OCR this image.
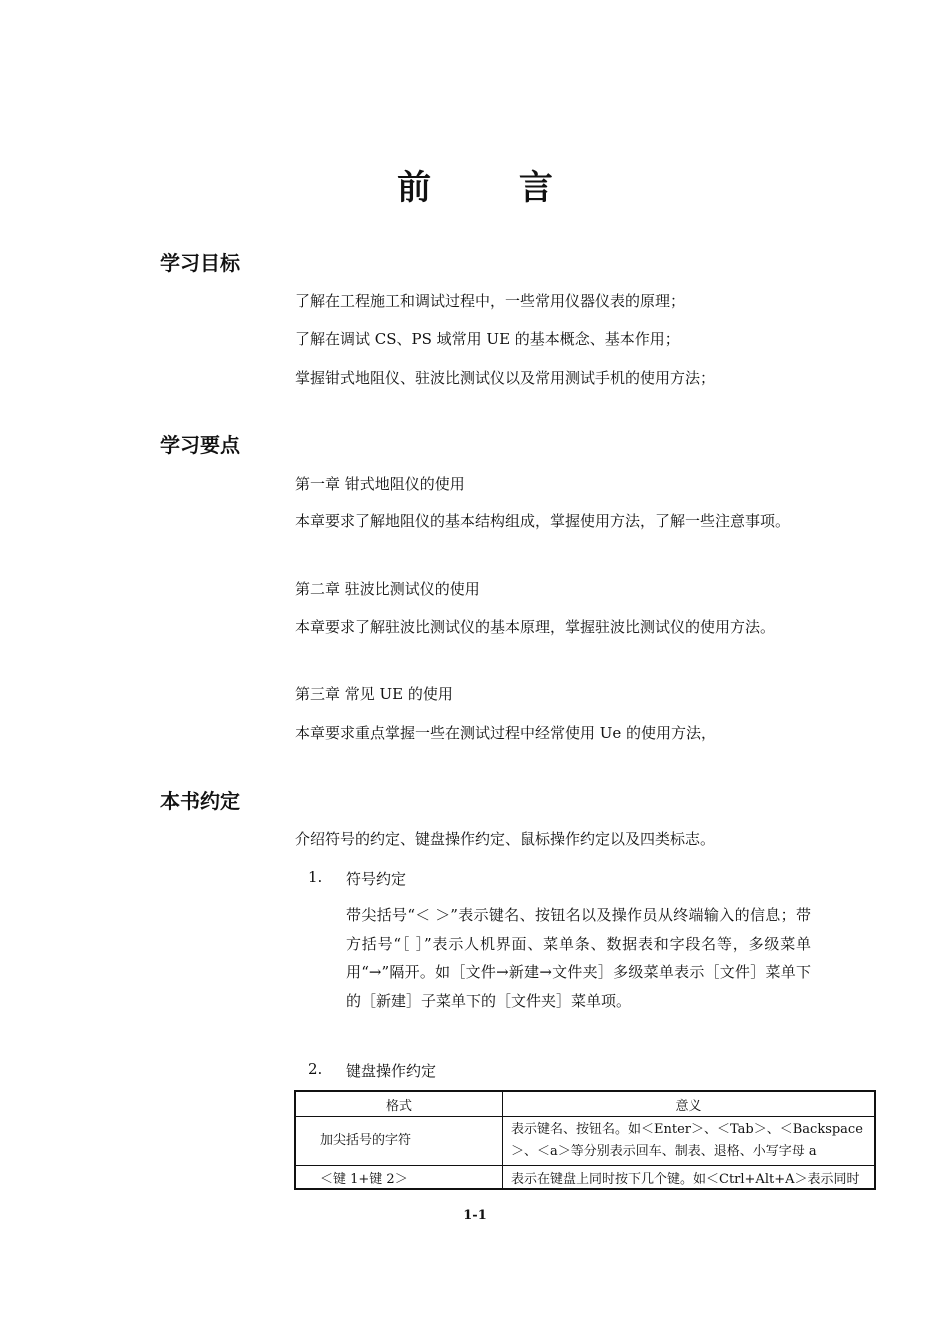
前 言
学习目标
了解在工程施工和调试过程中，一些常用仪器仪表的原理；
了解在调试 CS、PS 域常用 UE 的基本概念、基本作用；
掌握钳式地阻仪、驻波比测试仪以及常用测试手机的使用方法；
学习要点
第一章 钳式地阻仪的使用
本章要求了解地阻仪的基本结构组成，掌握使用方法，了解一些注意事项。
第二章 驻波比测试仪的使用
本章要求了解驻波比测试仪的基本原理，掌握驻波比测试仪的使用方法。
第三章 常见 UE 的使用
本章要求重点掌握一些在测试过程中经常使用 Ue 的使用方法，
本书约定
介绍符号的约定、键盘操作约定、鼠标操作约定以及四类标志。
1. 符号约定
带尖括号“＜ ＞”表示键名、按钮名以及操作员从终端输入的信息；带方括号“［ ］”表示人机界面、菜单条、数据表和字段名等，多级菜单用“→”隔开。如［文件→新建→文件夹］多级菜单表示［文件］菜单下的［新建］子菜单下的［文件夹］菜单项。
2. 键盘操作约定
格式	意义
加尖括号的字符	表示键名、按钮名。如＜Enter＞、＜Tab＞、＜Backspace＞、＜a＞等分别表示回车、制表、退格、小写字母 a
＜键 1+键 2＞	表示在键盘上同时按下几个键。如＜Ctrl+Alt+A＞表示同时
1-1
